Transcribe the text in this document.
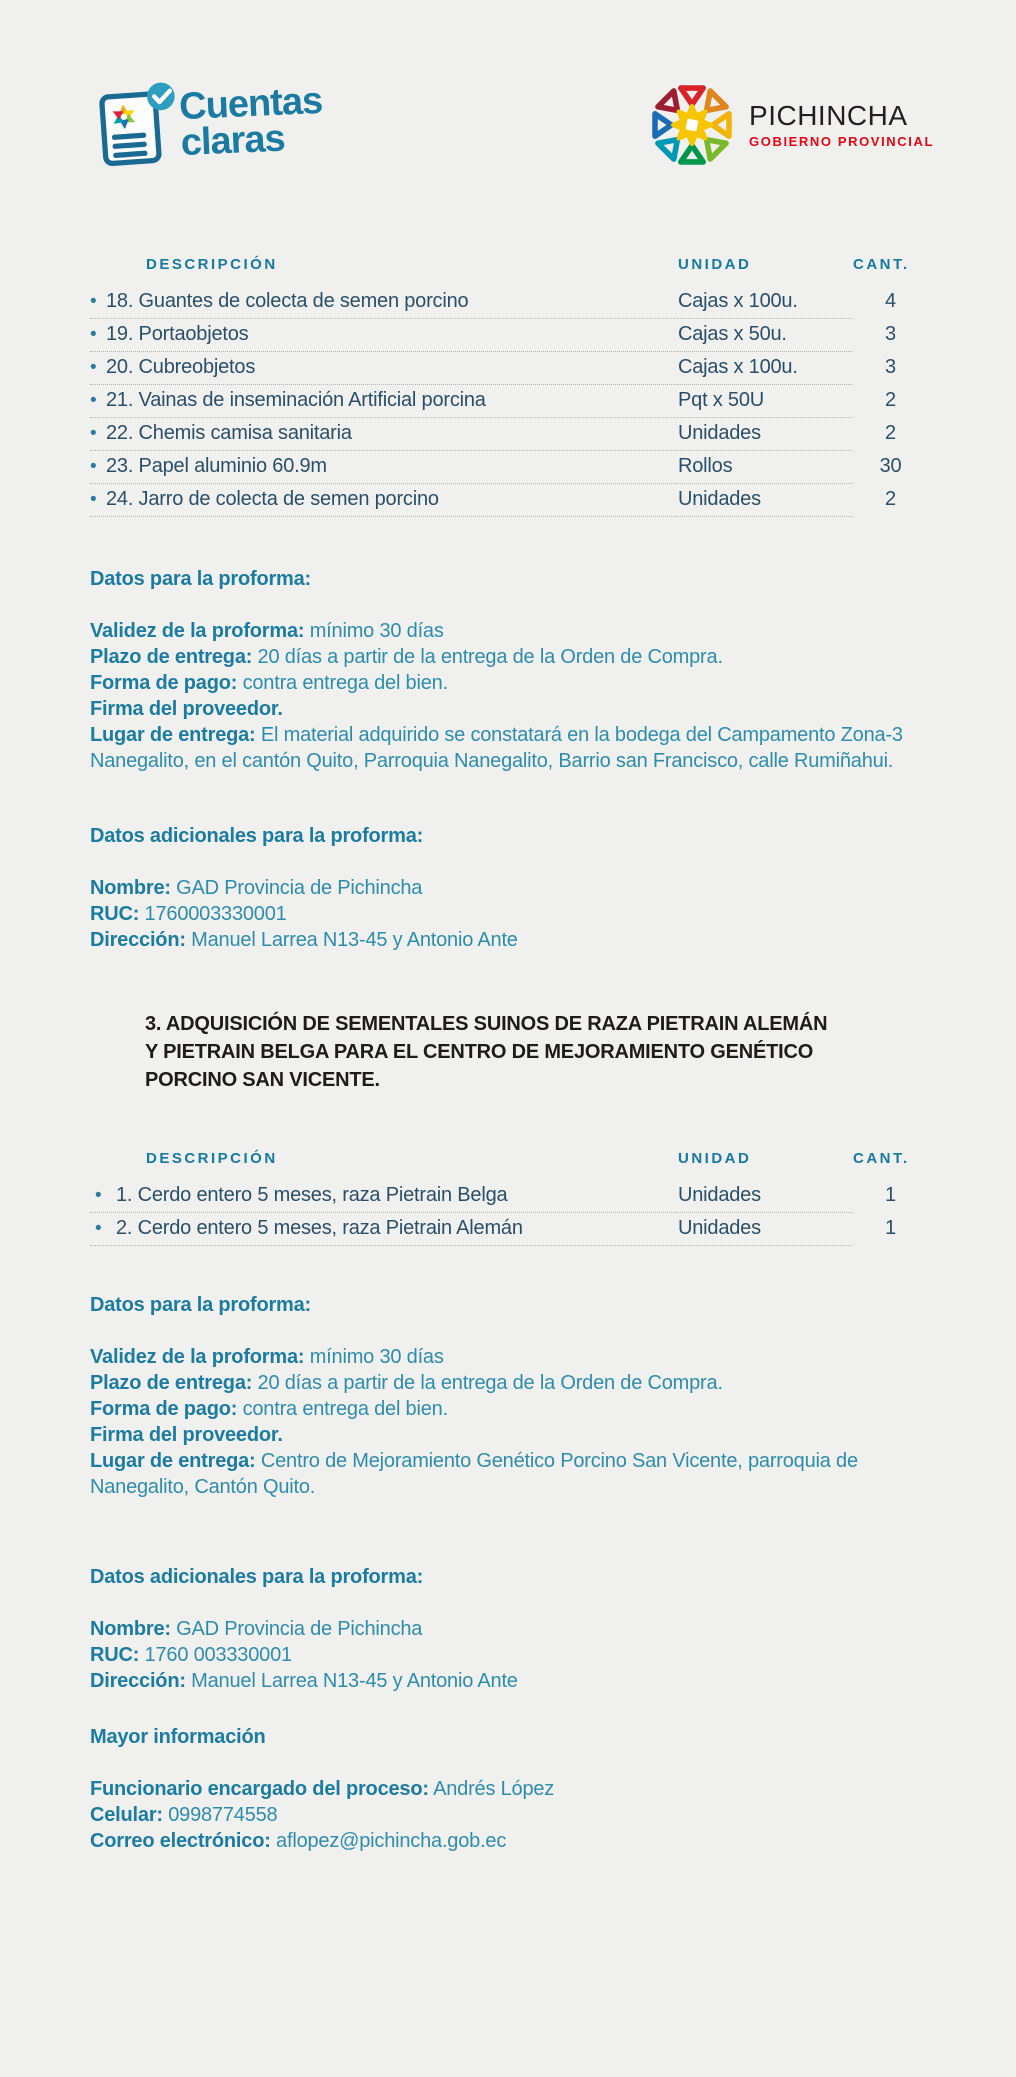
Cuentas
claras
PICHINCHA
GOBIERNO PROVINCIAL
DESCRIPCIÓN	UNIDAD	CANT.
• 18. Guantes de colecta de semen porcino	Cajas x 100u.	4
• 19. Portaobjetos	Cajas x 50u.	3
• 20. Cubreobjetos	Cajas x 100u.	3
• 21. Vainas de inseminación Artificial porcina	Pqt x 50U	2
• 22. Chemis camisa sanitaria	Unidades	2
• 23. Papel aluminio 60.9m	Rollos	30
• 24. Jarro de colecta de semen porcino	Unidades	2
Datos para la proforma:

Validez de la proforma: mínimo 30 días

Plazo de entrega: 20 días a partir de la entrega de la Orden de Compra.

Forma de pago: contra entrega del bien.

Firma del proveedor.

Lugar de entrega: El material adquirido se constatará en la bodega del Campamento Zona-3 Nanegalito, en el cantón Quito, Parroquia Nanegalito, Barrio san Francisco, calle Rumiñahui.

Datos adicionales para la proforma:

Nombre: GAD Provincia de Pichincha

RUC: 1760003330001

Dirección: Manuel Larrea N13-45 y Antonio Ante

3. ADQUISICIÓN DE SEMENTALES SUINOS DE RAZA PIETRAIN ALEMÁN
Y PIETRAIN BELGA PARA EL CENTRO DE MEJORAMIENTO GENÉTICO
PORCINO SAN VICENTE.
DESCRIPCIÓN	UNIDAD	CANT.
• 1. Cerdo entero 5 meses, raza Pietrain Belga	Unidades	1
• 2. Cerdo entero 5 meses, raza Pietrain Alemán	Unidades	1
Datos para la proforma:

Validez de la proforma: mínimo 30 días

Plazo de entrega: 20 días a partir de la entrega de la Orden de Compra.

Forma de pago: contra entrega del bien.

Firma del proveedor.

Lugar de entrega: Centro de Mejoramiento Genético Porcino San Vicente, parroquia de Nanegalito, Cantón Quito.

Datos adicionales para la proforma:

Nombre: GAD Provincia de Pichincha

RUC: 1760 003330001

Dirección: Manuel Larrea N13-45 y Antonio Ante

Mayor información

Funcionario encargado del proceso: Andrés López

Celular: 0998774558

Correo electrónico: aflopez@pichincha.gob.ec
